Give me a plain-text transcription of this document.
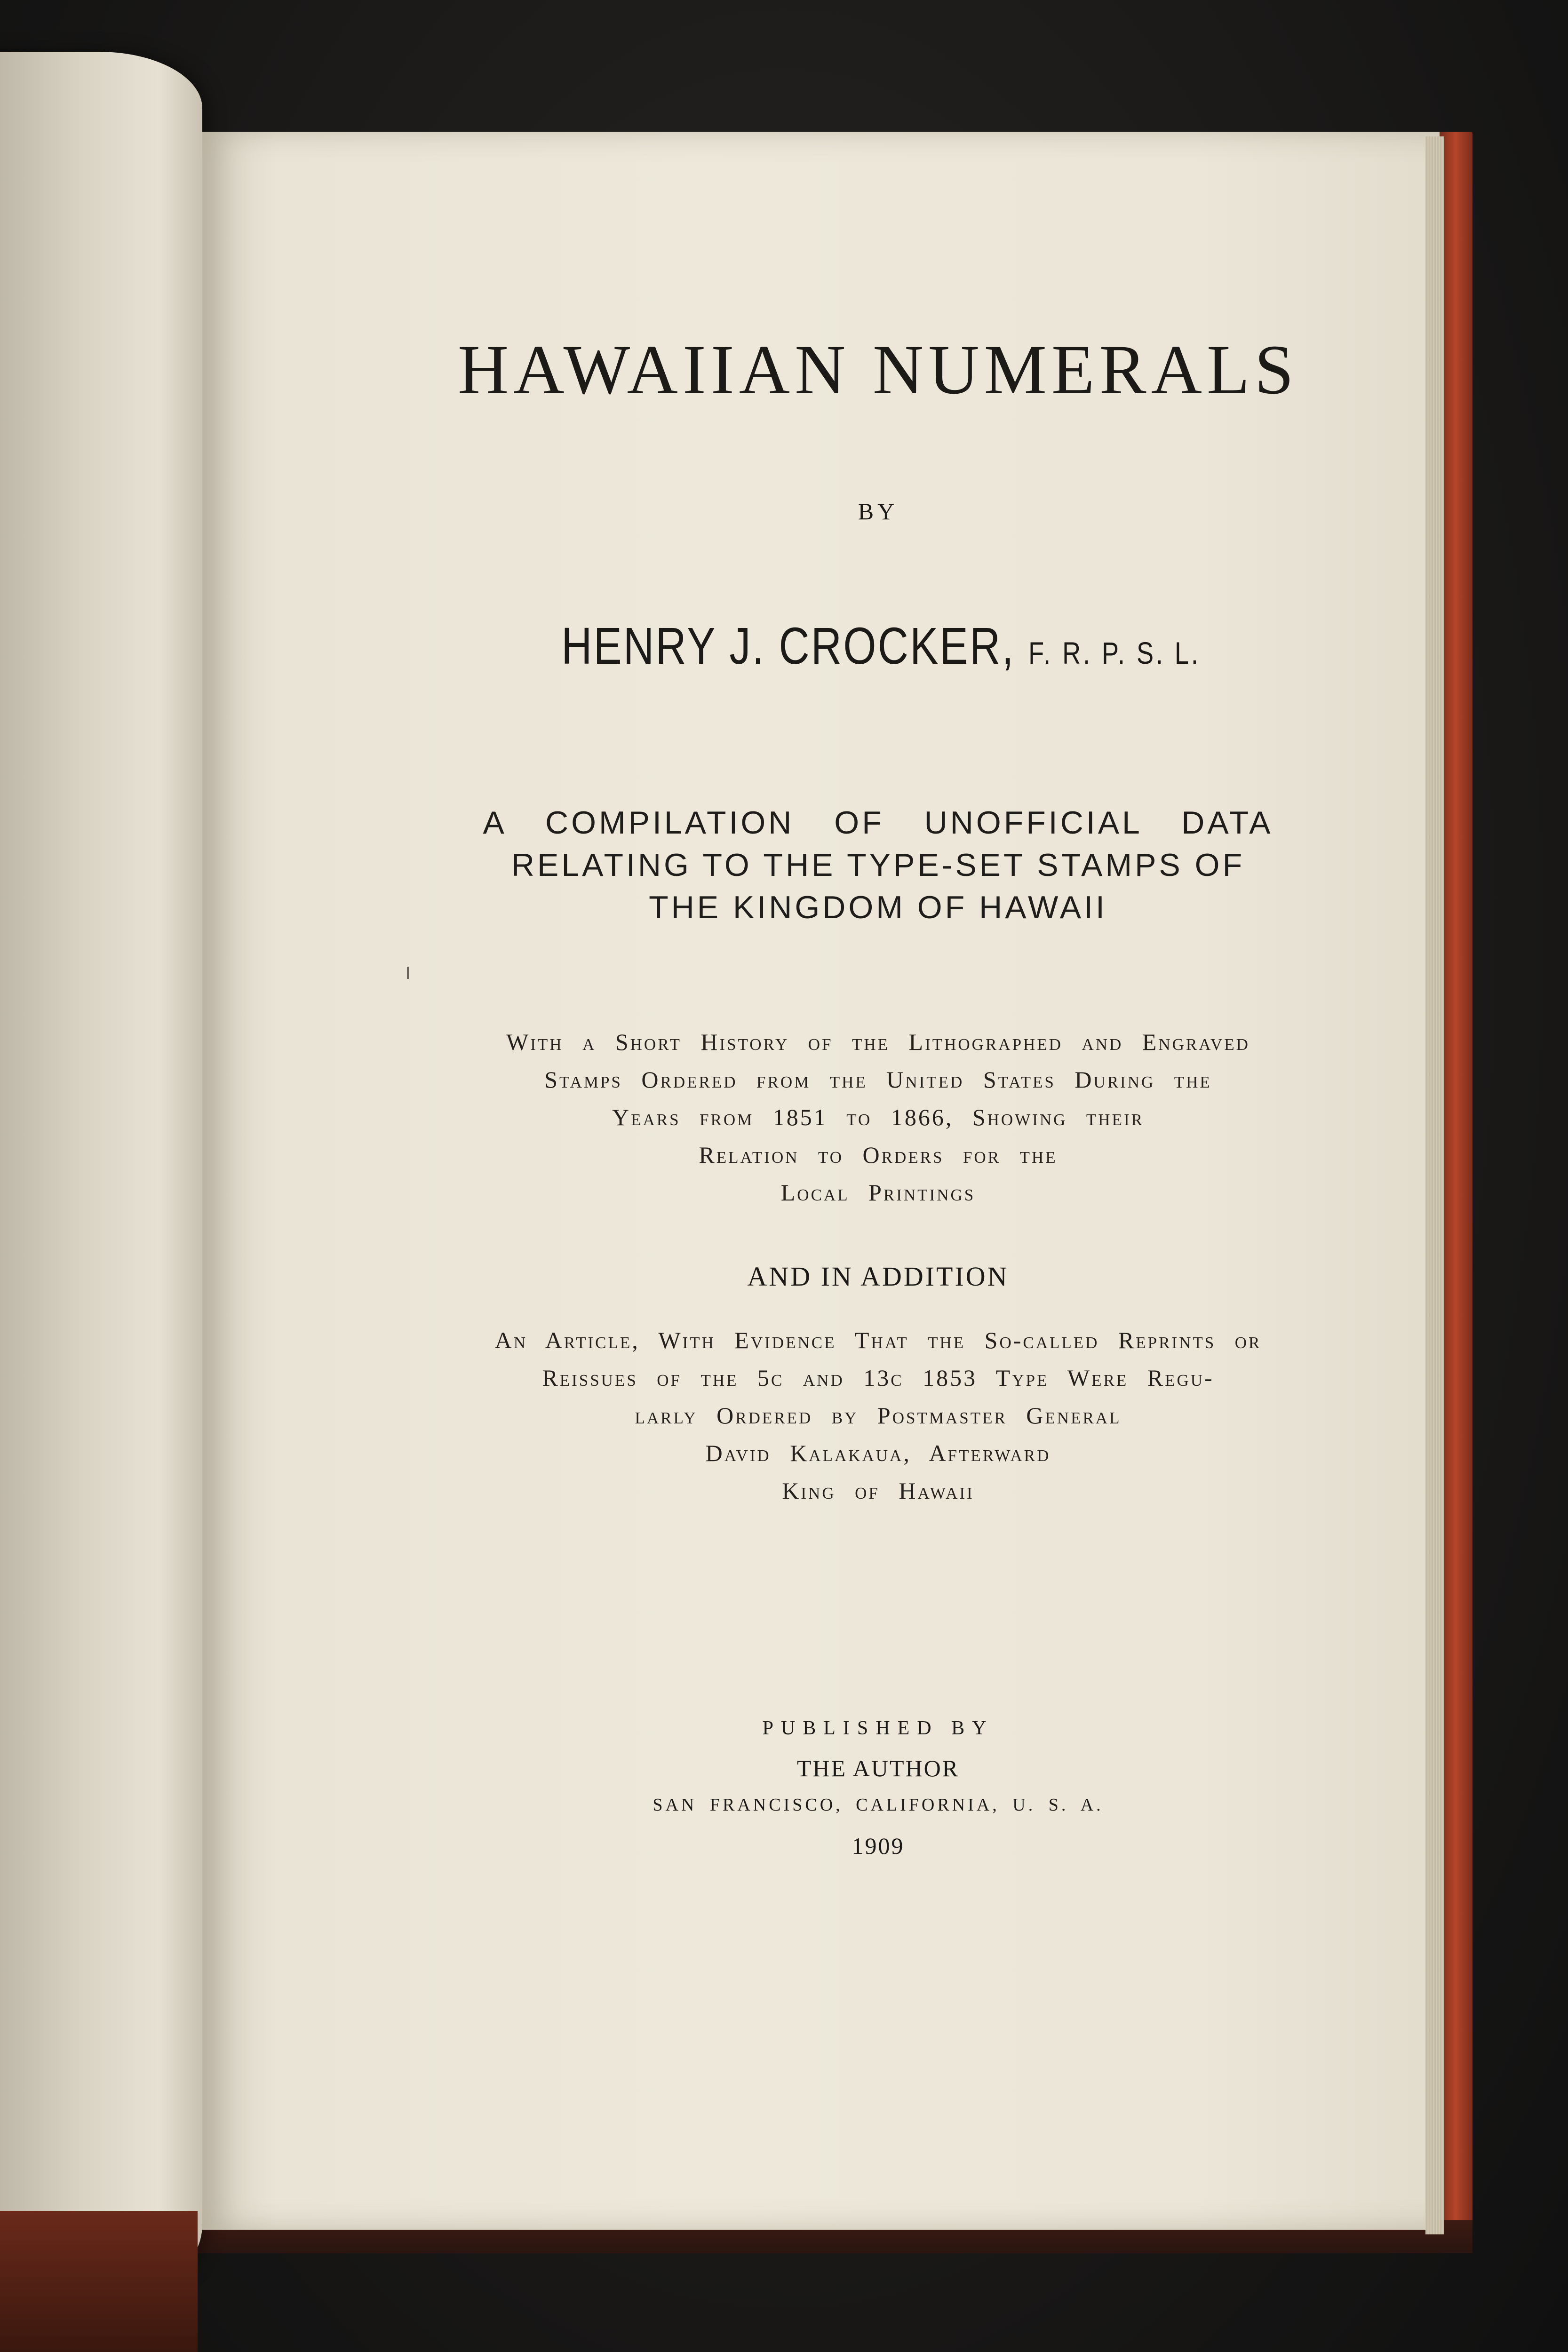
HAWAIIAN NUMERALS
BY
HENRY J. CROCKER, F. R. P. S. L.
A COMPILATION OF UNOFFICIAL DATA
RELATING TO THE TYPE-SET STAMPS OF
THE KINGDOM OF HAWAII
With a Short History of the Lithographed and Engraved
Stamps Ordered from the United States During the
Years from 1851 to 1866, Showing their
Relation to Orders for the
Local Printings
AND IN ADDITION
An Article, With Evidence That the So-called Reprints or
Reissues of the 5c and 13c 1853 Type Were Regu-
larly Ordered by Postmaster General
David Kalakaua, Afterward
King of Hawaii
PUBLISHED BY
THE AUTHOR
SAN FRANCISCO, CALIFORNIA, U. S. A.
1909
